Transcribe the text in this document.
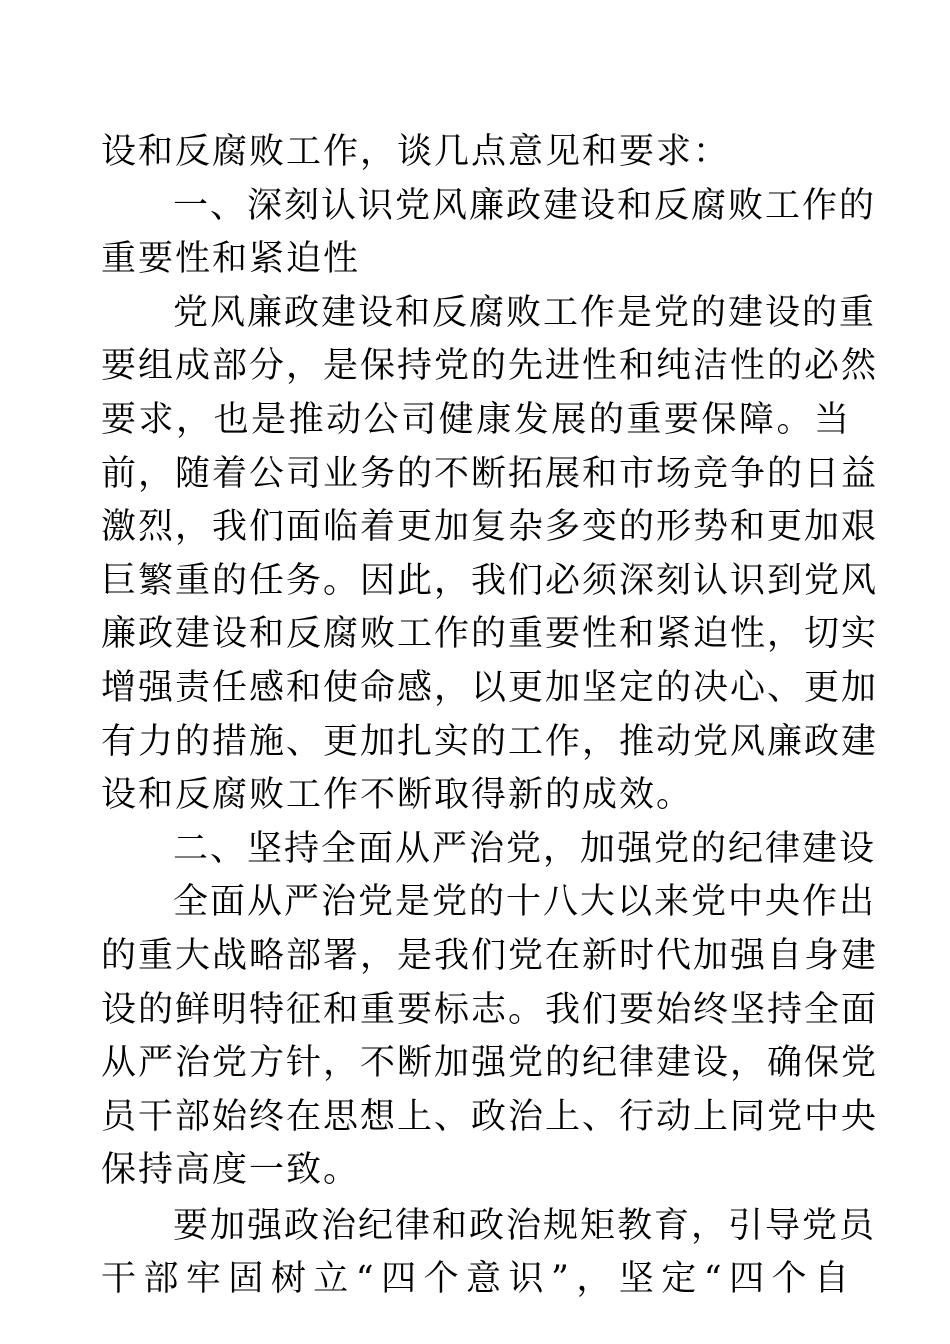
设和反腐败工作，谈几点意见和要求：
一、深刻认识党风廉政建设和反腐败工作的
重要性和紧迫性
党风廉政建设和反腐败工作是党的建设的重
要组成部分，是保持党的先进性和纯洁性的必然
要求，也是推动公司健康发展的重要保障。当
前，随着公司业务的不断拓展和市场竞争的日益
激烈，我们面临着更加复杂多变的形势和更加艰
巨繁重的任务。因此，我们必须深刻认识到党风
廉政建设和反腐败工作的重要性和紧迫性，切实
增强责任感和使命感，以更加坚定的决心、更加
有力的措施、更加扎实的工作，推动党风廉政建
设和反腐败工作不断取得新的成效。
二、坚持全面从严治党，加强党的纪律建设
全面从严治党是党的十八大以来党中央作出
的重大战略部署，是我们党在新时代加强自身建
设的鲜明特征和重要标志。我们要始终坚持全面
从严治党方针，不断加强党的纪律建设，确保党
员干部始终在思想上、政治上、行动上同党中央
保持高度一致。
要加强政治纪律和政治规矩教育，引导党员
干部牢固树立“四个意识”，坚定“四个自
